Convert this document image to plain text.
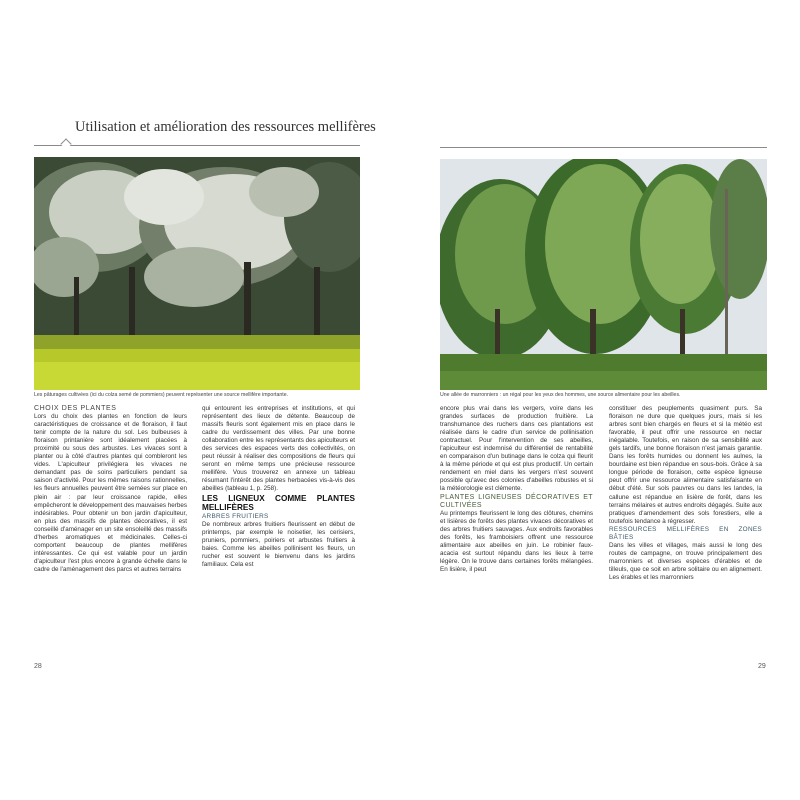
Utilisation et amélioration des ressources mellifères
Les pâturages cultivées (ici du colza semé de pommiers) peuvent représenter une source mellifère importante.

CHOIX DES PLANTES

Lors du choix des plantes en fonction de leurs caractéristiques de croissance et de floraison, il faut tenir compte de la nature du sol. Les bulbeuses à floraison printanière sont idéalement placées à proximité ou sous des arbustes. Les vivaces sont à planter ou à côté d'autres plantes qui combleront les vides. L'apiculteur privilégiera les vivaces ne demandant pas de soins particuliers pendant sa saison d'activité. Pour les mêmes raisons rationnelles, les fleurs annuelles peuvent être semées sur place en plein air : par leur croissance rapide, elles empêcheront le développement des mauvaises herbes indésirables. Pour obtenir un bon jardin d'apiculteur, en plus des massifs de plantes décoratives, il est conseillé d'aménager en un site ensoleillé des massifs d'herbes aromatiques et médicinales. Celles-ci comportent beaucoup de plantes mellifères intéressantes. Ce qui est valable pour un jardin d'apiculteur l'est plus encore à grande échelle dans le cadre de l'aménagement des parcs et autres terrains

qui entourent les entreprises et institutions, et qui représentent des lieux de détente. Beaucoup de massifs fleuris sont également mis en place dans le cadre du verdissement des villes. Par une bonne collaboration entre les représentants des apiculteurs et des services des espaces verts des collectivités, on peut réussir à réaliser des compositions de fleurs qui seront en même temps une précieuse ressource mellifère. Vous trouverez en annexe un tableau résumant l'intérêt des plantes herbacées vis-à-vis des abeilles (tableau 1, p. 258).

LES LIGNEUX COMME PLANTES MELLIFÈRES

ARBRES FRUITIERS

De nombreux arbres fruitiers fleurissent en début de printemps, par exemple le noisetier, les cerisiers, pruniers, pommiers, poiriers et arbustes fruitiers à baies. Comme les abeilles pollinisent les fleurs, un rucher est souvent le bienvenu dans les jardins familiaux. Cela est

28
Une allée de marronniers : un régal pour les yeux des hommes, une source alimentaire pour les abeilles.

encore plus vrai dans les vergers, voire dans les grandes surfaces de production fruitière. La transhumance des ruchers dans ces plantations est réalisée dans le cadre d'un service de pollinisation contractuel. Pour l'intervention de ses abeilles, l'apiculteur est indemnisé du différentiel de rentabilité en comparaison d'un butinage dans le colza qui fleurit à la même période et qui est plus productif. Un certain rendement en miel dans les vergers n'est souvent possible qu'avec des colonies d'abeilles robustes et si la météorologie est clémente.

PLANTES LIGNEUSES DÉCORATIVES ET CULTIVÉES

Au printemps fleurissent le long des clôtures, chemins et lisières de forêts des plantes vivaces décoratives et des arbres fruitiers sauvages. Aux endroits favorables des forêts, les framboisiers offrent une ressource alimentaire aux abeilles en juin. Le robinier faux-acacia est surtout répandu dans les lieux à terre légère. On le trouve dans certaines forêts mélangées. En lisière, il peut

constituer des peuplements quasiment purs. Sa floraison ne dure que quelques jours, mais si les arbres sont bien chargés en fleurs et si la météo est favorable, il peut offrir une ressource en nectar inégalable. Toutefois, en raison de sa sensibilité aux gels tardifs, une bonne floraison n'est jamais garantie. Dans les forêts humides ou donnent les aulnes, la bourdaine est bien répandue en sous-bois. Grâce à sa longue période de floraison, cette espèce ligneuse peut offrir une ressource alimentaire satisfaisante en début d'été. Sur sols pauvres ou dans les landes, la callune est répandue en lisière de forêt, dans les terrains mélaires et autres endroits dégagés. Suite aux pratiques d'amendement des sols forestiers, elle a toutefois tendance à régresser.

RESSOURCES MELLIFÈRES EN ZONES BÂTIES

Dans les villes et villages, mais aussi le long des routes de campagne, on trouve principalement des marronniers et diverses espèces d'érables et de tilleuls, que ce soit en arbre solitaire ou en alignement. Les érables et les marronniers

29
